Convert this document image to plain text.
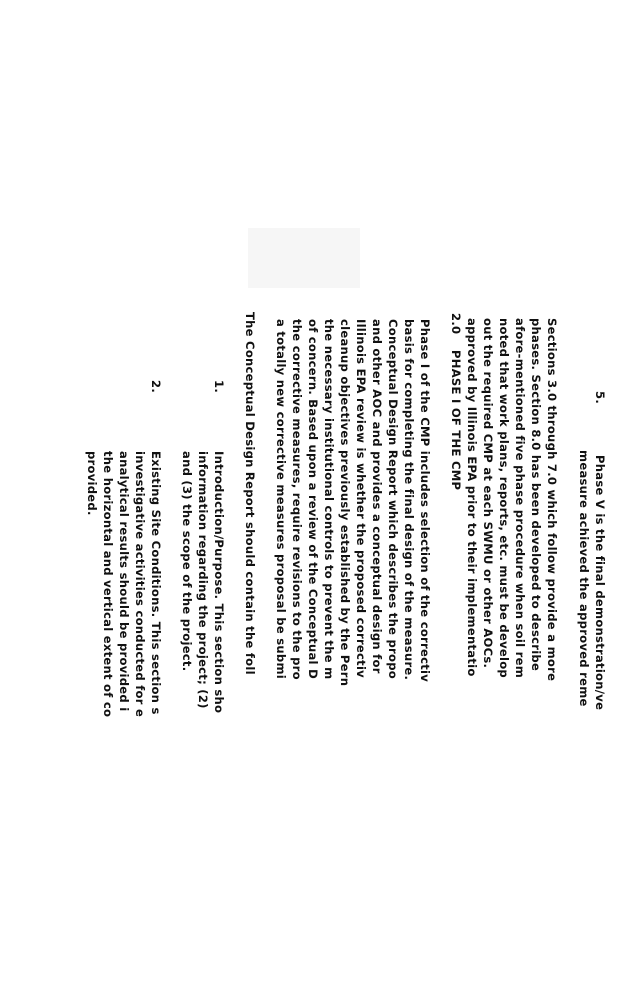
5.
Phase V is the final demonstration/ve
measure achieved the approved reme
Sections 3.0 through 7.0 which follow provide a more
phases. Section 8.0 has been developed to describe
afore-mentioned five phase procedure when soil rem
noted that work plans, reports, etc. must be develop
out the required CMP at each SWMU or other AOCs.
approved by Illinois EPA prior to their implementatio
2.0
PHASE I OF THE CMP
Phase I of the CMP includes selection of the correctiv
basis for completing the final design of the measure.
Conceptual Design Report which describes the propo
and other AOC and provides a conceptual design for
Illinois EPA review is whether the proposed correctiv
cleanup objectives previously established by the Pern
the necessary institutional controls to prevent the m
of concern. Based upon a review of the Conceptual D
the corrective measures, require revisions to the pro
a totally new corrective measures proposal be submi
The Conceptual Design Report should contain the foll
1.
Introduction/Purpose. This section sho
information regarding the project; (2)
and (3) the scope of the project.
2.
Existing Site Conditions. This section s
investigative activities conducted for e
analytical results should be provided i
the horizontal and vertical extent of co
provided.
